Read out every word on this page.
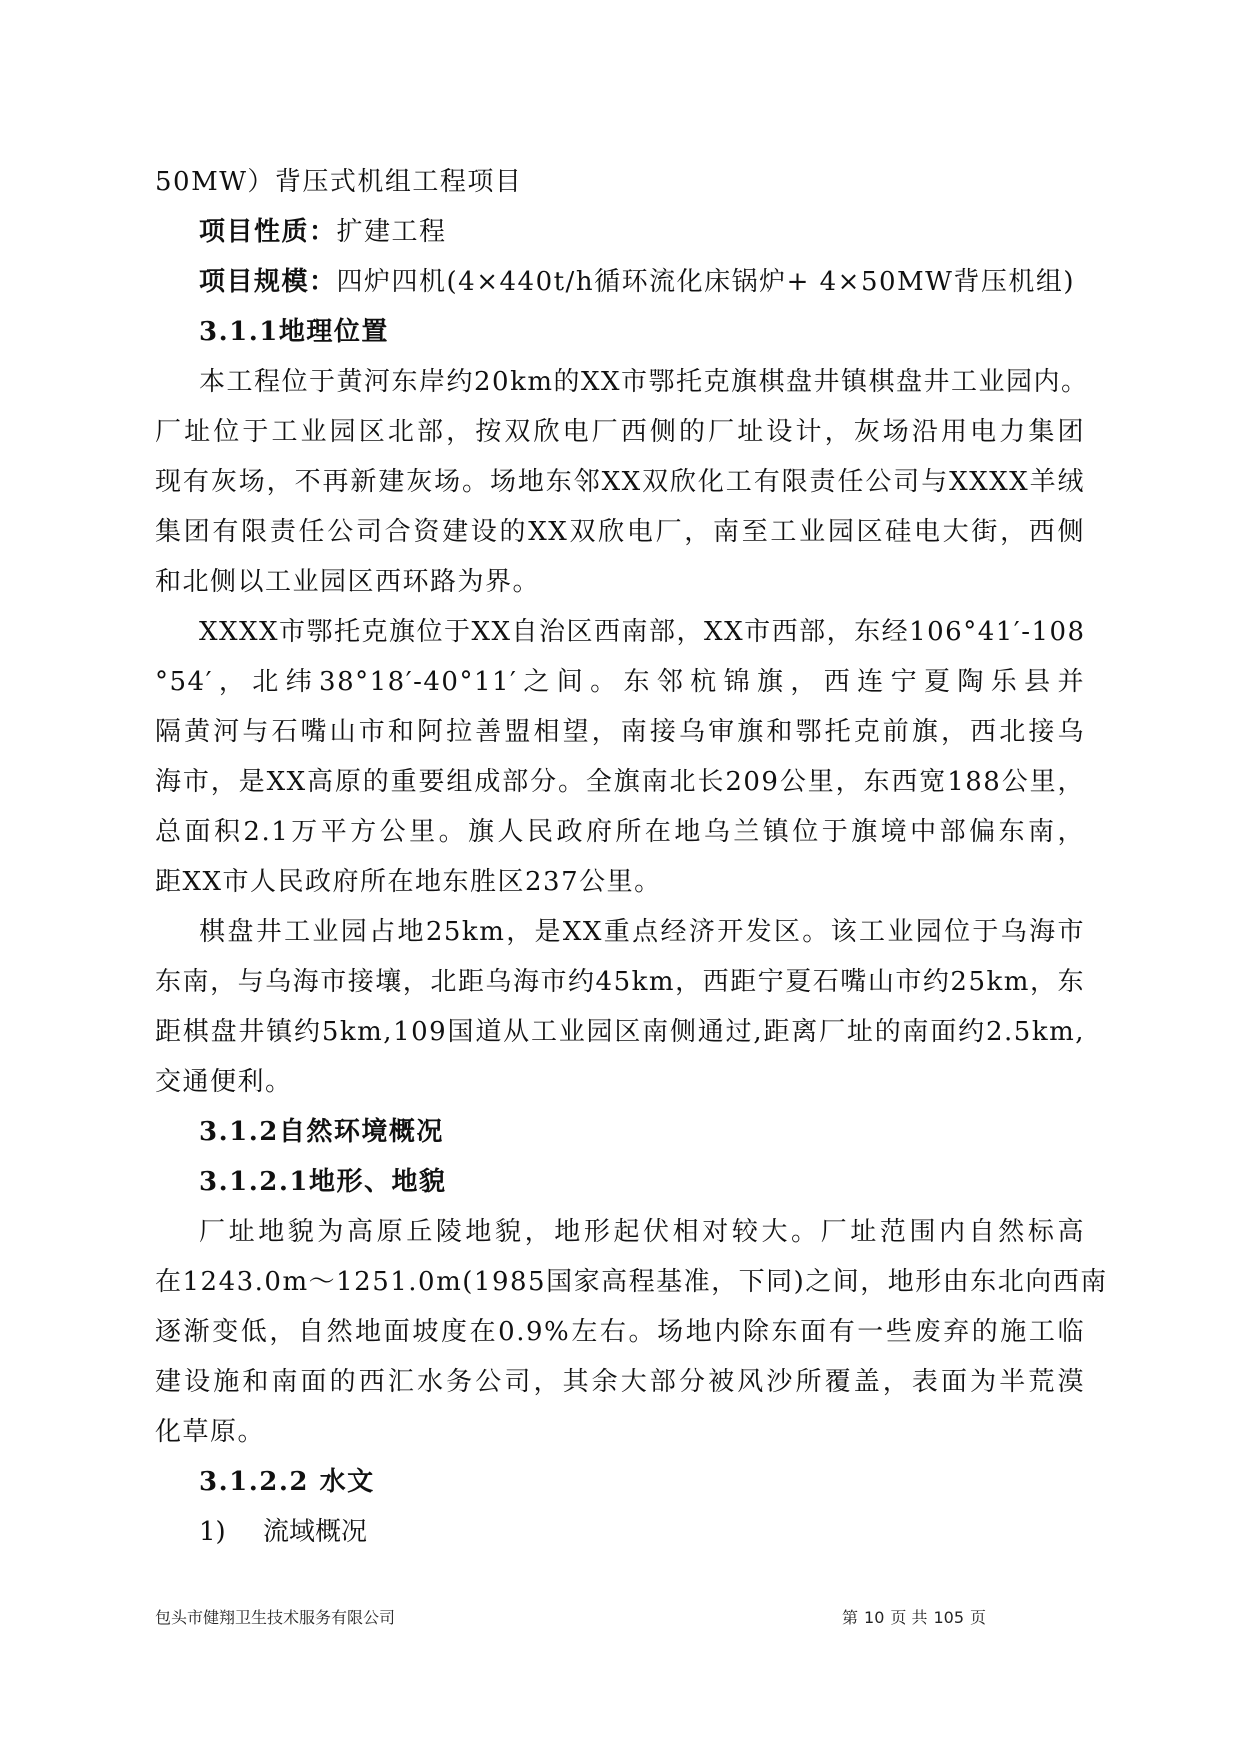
50MW）背压式机组工程项目
项目性质：扩建工程
项目规模：四炉四机(4×440t/h循环流化床锅炉+ 4×50MW背压机组)
3.1.1地理位置
本工程位于黄河东岸约20km的XX市鄂托克旗棋盘井镇棋盘井工业园内。
厂址位于工业园区北部，按双欣电厂西侧的厂址设计，灰场沿用电力集团
现有灰场，不再新建灰场。场地东邻XX双欣化工有限责任公司与XXXX羊绒
集团有限责任公司合资建设的XX双欣电厂，南至工业园区硅电大街，西侧
和北侧以工业园区西环路为界。
XXXX市鄂托克旗位于XX自治区西南部，XX市西部，东经106°41′-108
°54′，北纬38°18′-40°11′之间。东邻杭锦旗，西连宁夏陶乐县并
隔黄河与石嘴山市和阿拉善盟相望，南接乌审旗和鄂托克前旗，西北接乌
海市，是XX高原的重要组成部分。全旗南北长209公里，东西宽188公里，
总面积2.1万平方公里。旗人民政府所在地乌兰镇位于旗境中部偏东南，
距XX市人民政府所在地东胜区237公里。
棋盘井工业园占地25km，是XX重点经济开发区。该工业园位于乌海市
东南，与乌海市接壤，北距乌海市约45km，西距宁夏石嘴山市约25km，东
距棋盘井镇约5km,109国道从工业园区南侧通过,距离厂址的南面约2.5km,
交通便利。
3.1.2自然环境概况
3.1.2.1地形、地貌
厂址地貌为高原丘陵地貌，地形起伏相对较大。厂址范围内自然标高
在1243.0m～1251.0m(1985国家高程基准，下同)之间，地形由东北向西南
逐渐变低，自然地面坡度在0.9%左右。场地内除东面有一些废弃的施工临
建设施和南面的西汇水务公司，其余大部分被风沙所覆盖，表面为半荒漠
化草原。
3.1.2.2 水文
1) 流域概况
包头市健翔卫生技术服务有限公司	第 10 页 共 105 页
